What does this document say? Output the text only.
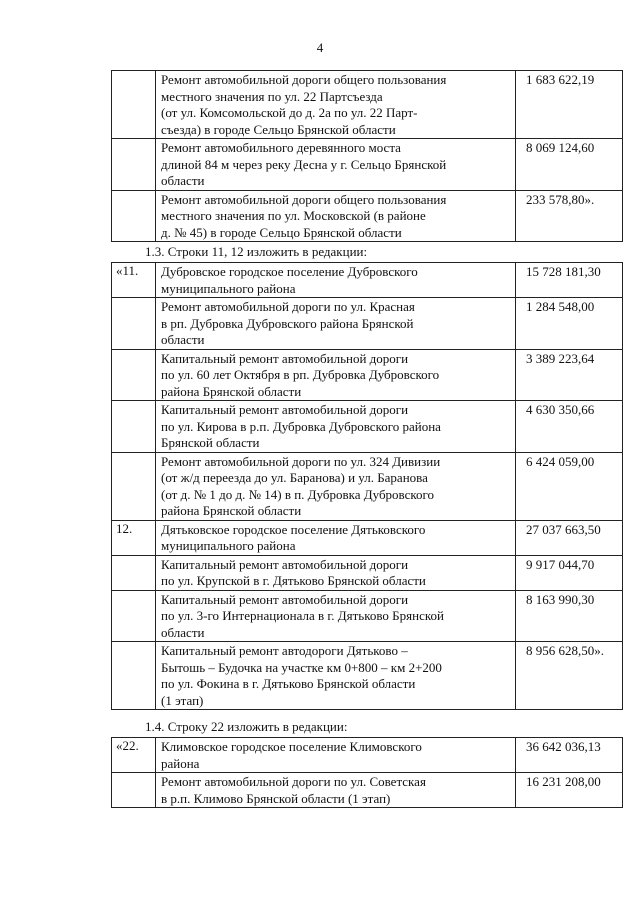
4

	Ремонт автомобильной дороги общего пользования
местного значения по ул. 22 Партсъезда
(от ул. Комсомольской до д. 2а по ул. 22 Парт-
съезда) в городе Сельцо Брянской области	1 683 622,19

	Ремонт автомобильного деревянного моста
длиной 84 м через реку Десна у г. Сельцо Брянской
области	8 069 124,60

	Ремонт автомобильной дороги общего пользования
местного значения по ул. Московской (в районе
д. № 45) в городе Сельцо Брянской области	233 578,80».
1.3. Строки 11, 12 изложить в редакции:
«11.	Дубровское городское поселение Дубровского
муниципального района	15 728 181,30

	Ремонт автомобильной дороги по ул. Красная
в рп. Дубровка Дубровского района Брянской
области	1 284 548,00

	Капитальный ремонт автомобильной дороги
по ул. 60 лет Октября в рп. Дубровка Дубровского
района Брянской области	3 389 223,64

	Капитальный ремонт автомобильной дороги
по ул. Кирова в р.п. Дубровка Дубровского района
Брянской области	4 630 350,66

	Ремонт автомобильной дороги по ул. 324 Дивизии
(от ж/д переезда до ул. Баранова) и ул. Баранова
(от д. № 1 до д. № 14) в п. Дубровка Дубровского
района Брянской области	6 424 059,00
12.	Дятьковское городское поселение Дятьковского
муниципального района	27 037 663,50

	Капитальный ремонт автомобильной дороги
по ул. Крупской в г. Дятьково Брянской области	9 917 044,70

	Капитальный ремонт автомобильной дороги
по ул. 3-го Интернационала в г. Дятьково Брянской
области	8 163 990,30

	Капитальный ремонт автодороги Дятьково –
Бытошь – Будочка на участке км 0+800 – км 2+200
по ул. Фокина в г. Дятьково Брянской области
(1 этап)	8 956 628,50».
1.4. Строку 22 изложить в редакции:
«22.	Климовское городское поселение Климовского
района	36 642 036,13

	Ремонт автомобильной дороги по ул. Советская
в р.п. Климово Брянской области (1 этап)	16 231 208,00
